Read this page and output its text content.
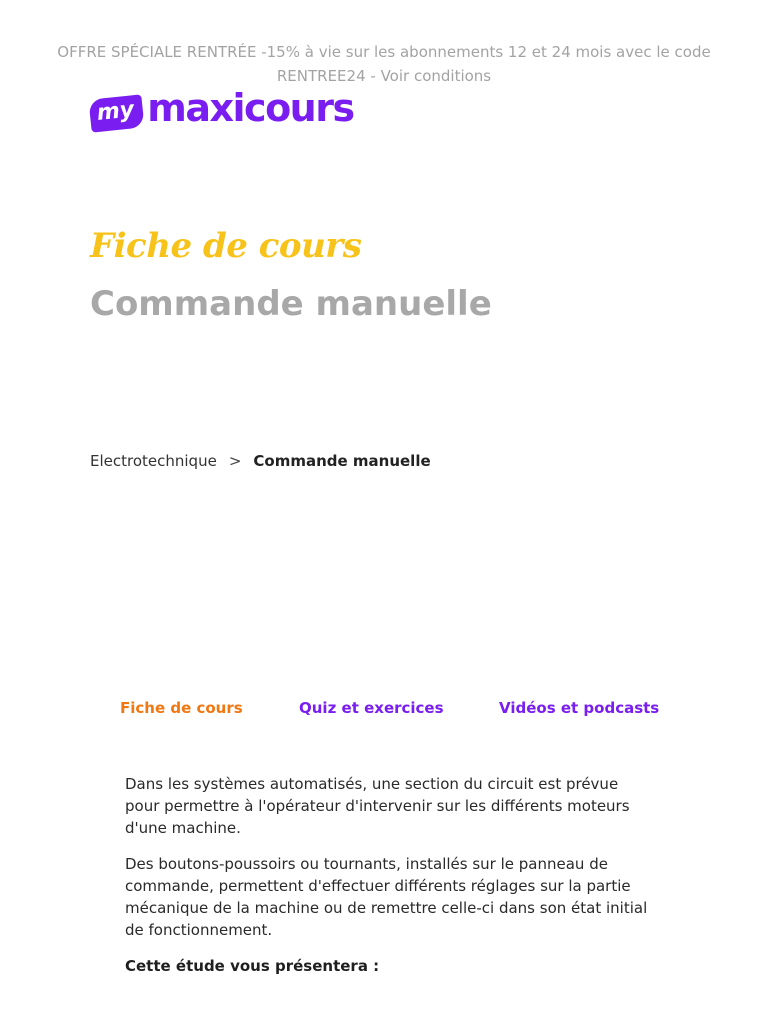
OFFRE SPÉCIALE RENTRÉE -15% à vie sur les abonnements 12 et 24 mois avec le code RENTREE24 - Voir conditions
my maxicours
Fiche de cours
Commande manuelle
Electrotechnique > Commande manuelle
Fiche de cours	Quiz et exercices	Vidéos et podcasts

Dans les systèmes automatisés, une section du circuit est prévue pour permettre à l'opérateur d'intervenir sur les différents moteurs d'une machine.

Des boutons-poussoirs ou tournants, installés sur le panneau de commande, permettent d'effectuer différents réglages sur la partie mécanique de la machine ou de remettre celle-ci dans son état initial de fonctionnement.

Cette étude vous présentera :
